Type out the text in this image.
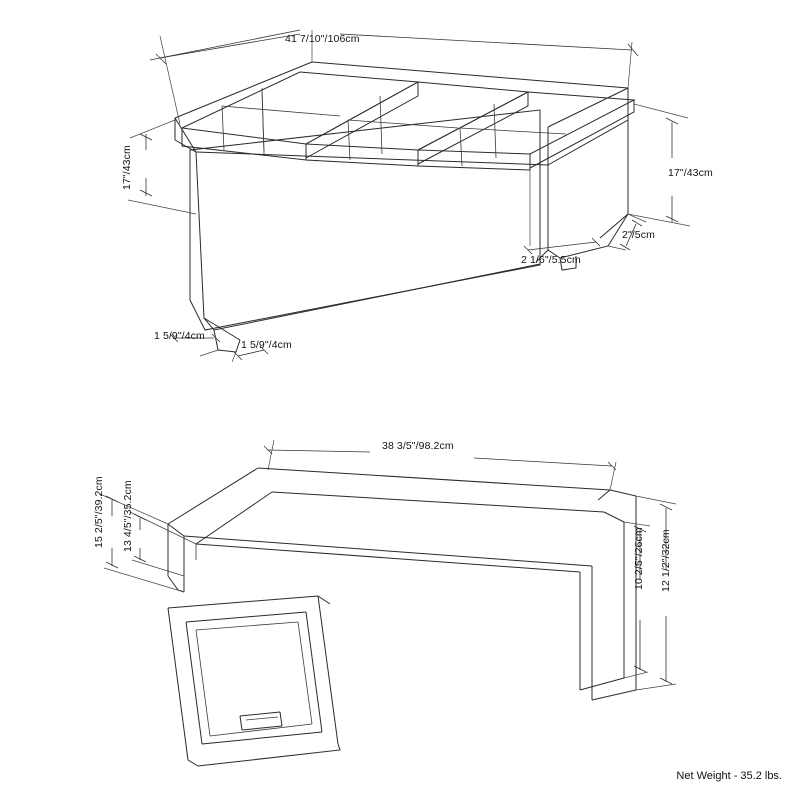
41 7/10"/106cm
17"/43cm	17"/43cm
2 1/6"/5.5cm
2"/5cm
1 5/9"/4cm
1 5/9"/4cm
38 3/5"/98.2cm
15 2/5"/39.2cm 13 4/5"/35.2cm
10 2/5"/26cm 12 1/2"/32cm
Net Weight - 35.2 lbs.
